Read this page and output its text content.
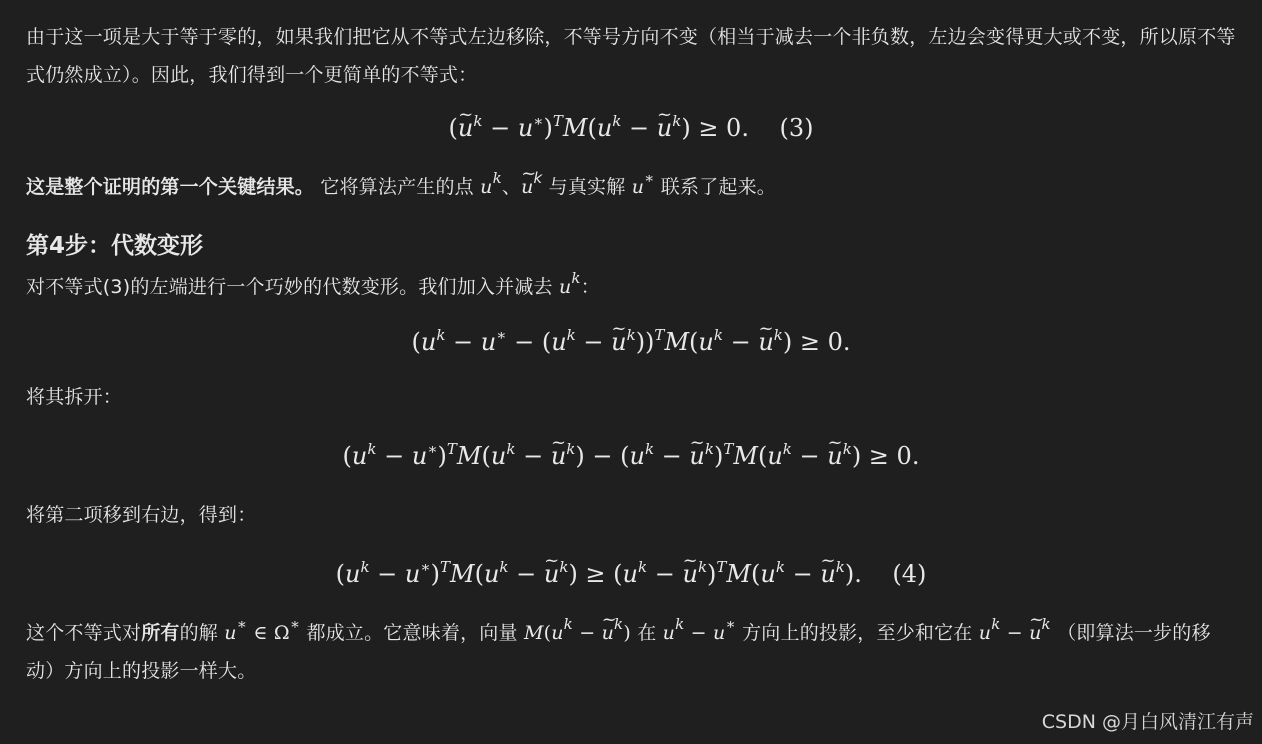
由于这一项是大于等于零的，如果我们把它从不等式左边移除，不等号方向不变（相当于减去一个非负数，左边会变得更大或不变，所以原不等式仍然成立）。因此，我们得到一个更简单的不等式：

(~ $u^k - u^∗)^TM(u^k$ − ~ $u^k) \ge 0$.    (3)

这是整个证明的第一个关键结果。 它将算法产生的点 $u^k$、~ $u^k$ 与真实解 u∗ 联系了起来。

第4步：代数变形

对不等式(3)的左端进行一个巧妙的代数变形。我们加入并减去 $u^k$：

($u^k - u^∗ - (u^k$ − ~ $u^k))^TM(u^k$ − ~ $u^k) \ge 0$.

将其拆开：

$(u^k - u^∗)^TM(u^k$ − ~ $u^k) - (u^k$ − ~ $u^k)^TM(u^k$ − ~ $u^k) \ge 0$.

将第二项移到右边，得到：

$(u^k - u^∗)^TM(u^k$ − ~ $u^k) \ge (u^k$ − ~ $u^k)^TM(u^k$ − ~ $u^k$).    (4)

这个不等式对所有的解 u∗ ∈ Ω∗ 都成立。它意味着，向量 $M(u^k$ − ~ $u^k$) 在 $u^k - u^∗$ 方向上的投影，至少和它在 $u^k$ − ~ $u^k$ （即算法一步的移动）方向上的投影一样大。

CSDN @月白风清江有声
